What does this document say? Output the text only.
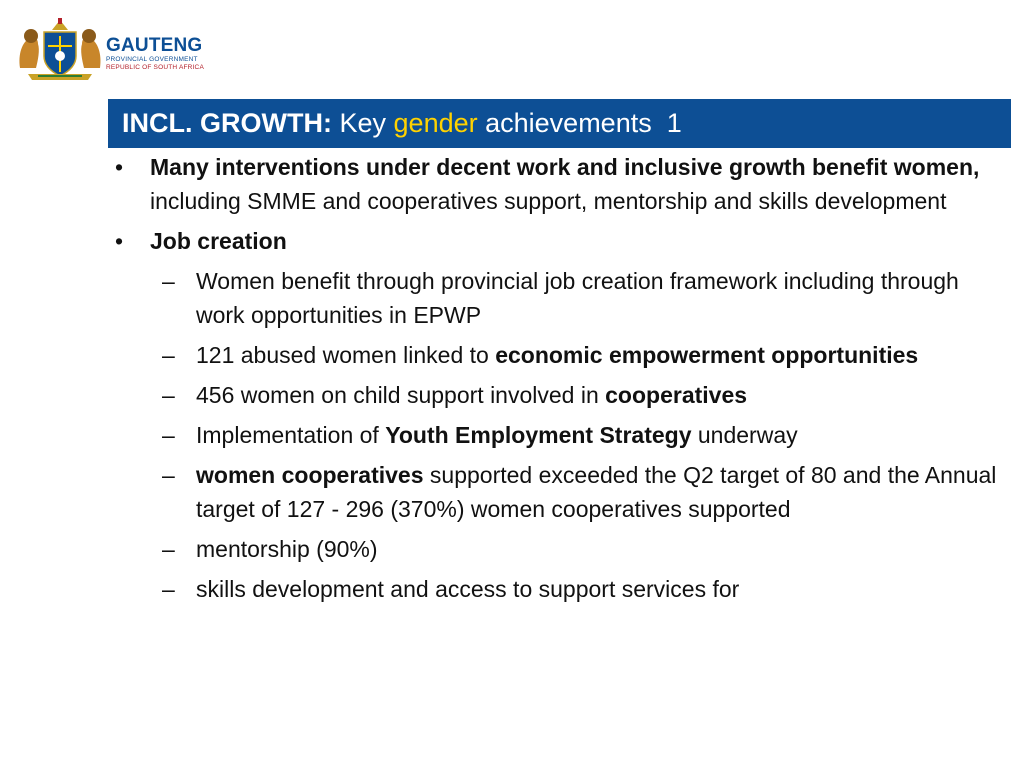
GAUTENG
PROVINCIAL GOVERNMENT
REPUBLIC OF SOUTH AFRICA
INCL. GROWTH:
Key
gender
achievements  1
• Many interventions under decent work and inclusive growth benefit women, including SMME and cooperatives support, mentorship and skills development
• Job creation
– Women benefit through provincial job creation framework including through work opportunities in EPWP
– 121 abused women linked to economic empowerment opportunities
– 456 women on child support involved in cooperatives
– Implementation of Youth Employment Strategy underway
– women cooperatives supported exceeded the Q2 target of 80 and the Annual target of 127 - 296 (370%) women cooperatives supported
– mentorship (90%)
– skills development and access to support services for
